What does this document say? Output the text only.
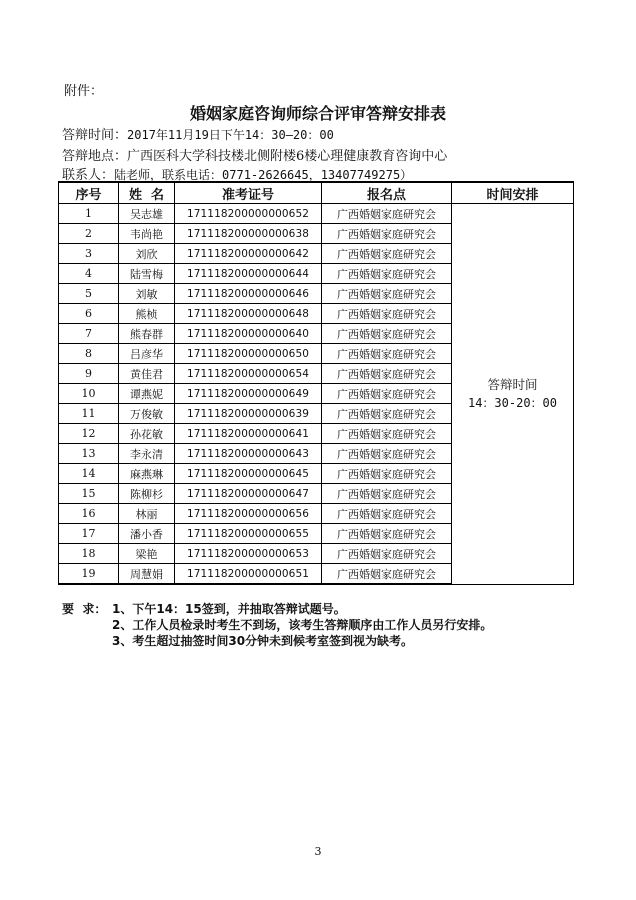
附件：
婚姻家庭咨询师综合评审答辩安排表
答辩时间：2017年11月19日下午14：30—20：00
答辩地点：广西医科大学科技楼北侧附楼6楼心理健康教育咨询中心
联系人：陆老师，联系电话：0771-2626645，13407749275）
序号	姓  名	准考证号	报名点	时间安排
1	吴志雄	171118200000000652	广西婚姻家庭研究会	答辩时间
14：30-20：00

2	韦尚艳	171118200000000638	广西婚姻家庭研究会	
3	刘欣	171118200000000642	广西婚姻家庭研究会	
4	陆雪梅	171118200000000644	广西婚姻家庭研究会	
5	刘敏	171118200000000646	广西婚姻家庭研究会	
6	熊桢	171118200000000648	广西婚姻家庭研究会	
7	熊春群	171118200000000640	广西婚姻家庭研究会	
8	吕彦华	171118200000000650	广西婚姻家庭研究会	
9	黄佳君	171118200000000654	广西婚姻家庭研究会	
10	谭燕妮	171118200000000649	广西婚姻家庭研究会	
11	万俊敏	171118200000000639	广西婚姻家庭研究会	
12	孙花敏	171118200000000641	广西婚姻家庭研究会	
13	李永清	171118200000000643	广西婚姻家庭研究会	
14	麻燕琳	171118200000000645	广西婚姻家庭研究会	
15	陈柳杉	171118200000000647	广西婚姻家庭研究会	
16	林丽	171118200000000656	广西婚姻家庭研究会	
17	潘小香	171118200000000655	广西婚姻家庭研究会	
18	梁艳	171118200000000653	广西婚姻家庭研究会	
19	周慧娟	171118200000000651	广西婚姻家庭研究会	
要  求： 1、下午14：15签到，并抽取答辩试题号。
2、工作人员检录时考生不到场，该考生答辩顺序由工作人员另行安排。
3、考生超过抽签时间30分钟未到候考室签到视为缺考。
3
